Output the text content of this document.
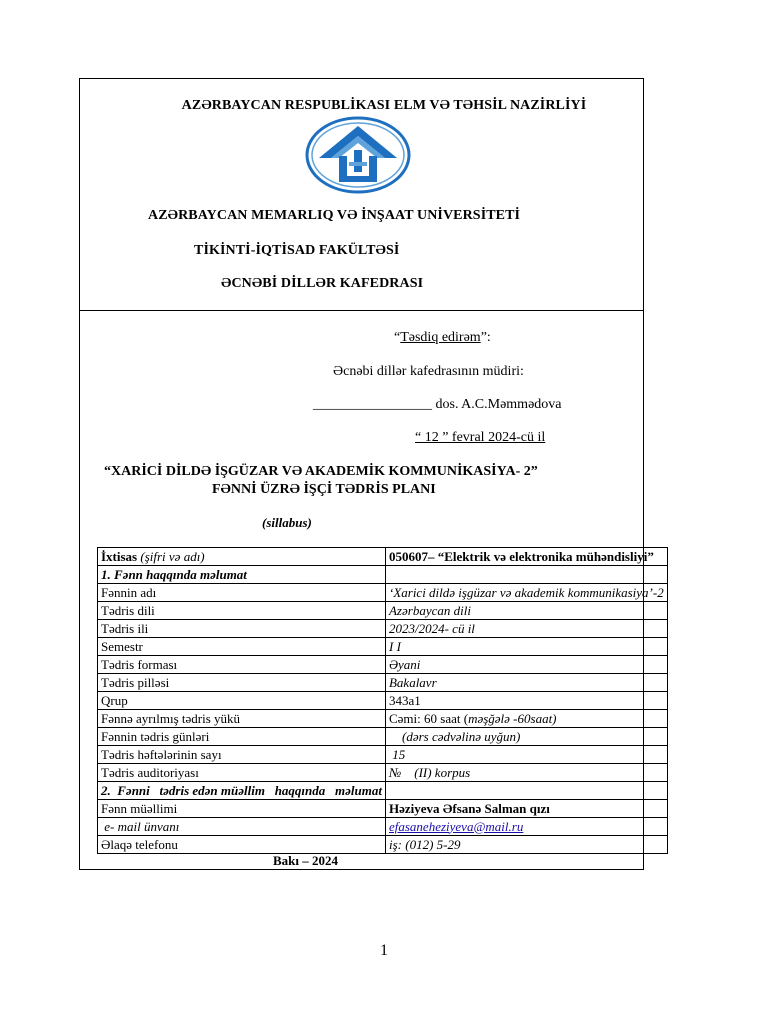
AZƏRBAYCAN RESPUBLİKASI ELM VƏ TƏHSİL NAZİRLİYİ
AZƏRBAYCAN MEMARLIQ VƏ İNŞAAT UNİVERSİTETİ
TİKİNTİ-İQTİSAD FAKÜLTƏSİ
ƏCNƏBİ DİLLƏR KAFEDRASI
“Təsdiq edirəm”:
Əcnəbi dillər kafedrasının müdiri:
_________________ dos. A.C.Məmmədova
“ 12 ” fevral 2024-cü il
“XARİCİ DİLDƏ İŞGÜZAR VƏ AKADEMİK KOMMUNİKASİYA- 2”
FƏNNİ ÜZRƏ İŞÇİ TƏDRİS PLANI
(sillabus)
İxtisas (şifri və adı)	050607– “Elektrik və elektronika mühəndisliyi”
1. Fənn haqqında məlumat	
Fənnin adı	‘Xarici dildə işgüzar və akademik kommunikasiya’-2
Tədris dili	Azərbaycan dili
Tədris ili	2023/2024- cü il
Semestr	I I
Tədris forması	Əyani
Tədris pilləsi	Bakalavr
Qrup	343a1
Fənnə ayrılmış tədris yükü	Cəmi: 60 saat (məşğələ -60saat)
Fənnin tədris günləri	(dərs cədvəlinə uyğun)
Tədris həftələrinin sayı	15
Tədris auditoriyası	№    (II) korpus
2.  Fənni   tədris edən müəllim   haqqında   məlumat	
Fənn müəllimi	Həziyeva Əfsanə Salman qızı
e- mail ünvanı	efasaneheziyeva@mail.ru
Əlaqə telefonu	iş: (012) 5-29
Bakı – 2024
1
